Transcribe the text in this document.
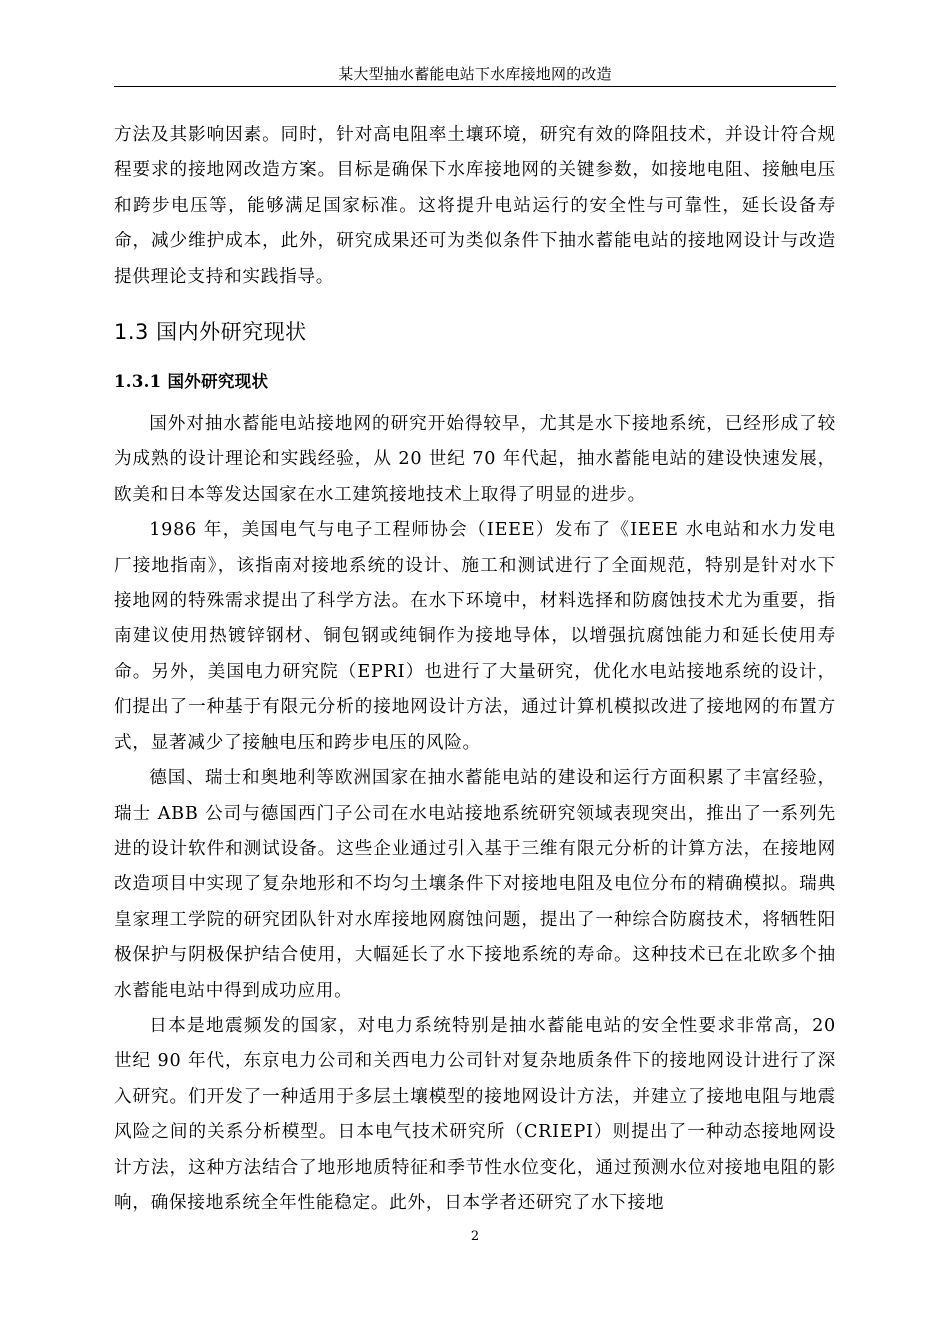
某大型抽水蓄能电站下水库接地网的改造

方法及其影响因素。同时，针对高电阻率土壤环境，研究有效的降阻技术，并设计符合规程要求的接地网改造方案。目标是确保下水库接地网的关键参数，如接地电阻、接触电压和跨步电压等，能够满足国家标准。这将提升电站运行的安全性与可靠性，延长设备寿命，减少维护成本，此外，研究成果还可为类似条件下抽水蓄能电站的接地网设计与改造提供理论支持和实践指导。

1.3 国内外研究现状
1.3.1 国外研究现状

国外对抽水蓄能电站接地网的研究开始得较早，尤其是水下接地系统，已经形成了较为成熟的设计理论和实践经验，从 20 世纪 70 年代起，抽水蓄能电站的建设快速发展，欧美和日本等发达国家在水工建筑接地技术上取得了明显的进步。

1986 年，美国电气与电子工程师协会（IEEE）发布了《IEEE 水电站和水力发电厂接地指南》，该指南对接地系统的设计、施工和测试进行了全面规范，特别是针对水下接地网的特殊需求提出了科学方法。在水下环境中，材料选择和防腐蚀技术尤为重要，指南建议使用热镀锌钢材、铜包钢或纯铜作为接地导体，以增强抗腐蚀能力和延长使用寿命。另外，美国电力研究院（EPRI）也进行了大量研究，优化水电站接地系统的设计，们提出了一种基于有限元分析的接地网设计方法，通过计算机模拟改进了接地网的布置方式，显著减少了接触电压和跨步电压的风险。

德国、瑞士和奥地利等欧洲国家在抽水蓄能电站的建设和运行方面积累了丰富经验，瑞士 ABB 公司与德国西门子公司在水电站接地系统研究领域表现突出，推出了一系列先进的设计软件和测试设备。这些企业通过引入基于三维有限元分析的计算方法，在接地网改造项目中实现了复杂地形和不均匀土壤条件下对接地电阻及电位分布的精确模拟。瑞典皇家理工学院的研究团队针对水库接地网腐蚀问题，提出了一种综合防腐技术，将牺牲阳极保护与阴极保护结合使用，大幅延长了水下接地系统的寿命。这种技术已在北欧多个抽水蓄能电站中得到成功应用。

日本是地震频发的国家，对电力系统特别是抽水蓄能电站的安全性要求非常高，20 世纪 90 年代，东京电力公司和关西电力公司针对复杂地质条件下的接地网设计进行了深入研究。们开发了一种适用于多层土壤模型的接地网设计方法，并建立了接地电阻与地震风险之间的关系分析模型。日本电气技术研究所（CRIEPI）则提出了一种动态接地网设计方法，这种方法结合了地形地质特征和季节性水位变化，通过预测水位对接地电阻的影响，确保接地系统全年性能稳定。此外，日本学者还研究了水下接地

2
